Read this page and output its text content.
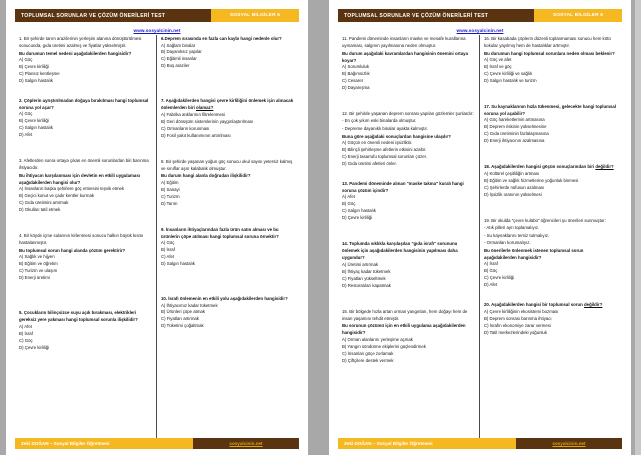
TOPLUMSAL SORUNLAR VE ÇÖZÜM ÖNERİLERİ TEST	SOSYAL BİLGİLER 6
www.sosyalcinin.net

1. Bir şehirde tarım arazilerinin yerleşim alanına dönüştürülmesi sonucunda, gıda üretimi azalmış ve fiyatlar yükselmiştir.

Bu durumun temel nedeni aşağıdakilerden hangisidir?

A) Göç

B) Çevre kirliliği

C) Plansız kentleşme

D) Salgın hastalık

2. Çöplerin ayrıştırılmadan doğaya bırakılması hangi toplumsal soruna yol açar?

A) Göç

B) Çevre kirliliği

C) Salgın hastalık

D) Afet

3. Afetlerden sonra ortaya çıkan en önemli sorunlardan biri barınma ihtiyacıdır.

Bu ihtiyacın karşılanması için devletin en etkili uygulaması aşağıdakilerden hangisi olur?

A) İnsanların başka şehirlere göç etmesini teşvik etmek

B) Geçici konut ve çadır kentler kurmak

C) Gıda üretimini artırmak

D) Okulları tatil etmek

4. Bir köyde içme sularının kirlenmesi sonucu halkın büyük kısmı hastalanmıştır.

Bu toplumsal sorun hangi alanda çözüm gerektirir?

A) Sağlık ve hijyen

B) Eğitim ve öğretim

C) Turizm ve ulaşım

D) Enerji üretimi

5. Çocukların bilinçsizce suyu açık bırakması, elektrikleri gereksiz yere yakması hangi toplumsal sorunla ilişkilidir?

A) Afet

B) İsraf

C) Göç

D) Çevre kirliliği

6.Deprem sırasında en fazla can kaybı hangi nedenle olur?

A) Sağlam binalar

B) Dayanıksız yapılar

C) Eğitimli insanlar

D) Boş araziler

7. Aşağıdakilerden hangisi çevre kirliliğini önlemek için alınacak önlemlerden biri olamaz?

A) Fabrika atıklarının filtrelenmesi

B) Geri dönüşüm sistemlerinin yaygınlaştırılması

C) Ormanların korunması

D) Fosil yakıt kullanımının artırılması

8. Bir şehirde yaşanan yoğun göç sonucu okul sayısı yetersiz kalmış ve sınıflar aşırı kalabalık olmuştur.

Bu durum hangi alanla doğrudan ilişkilidir?

A) Eğitim

B) Sanayi

C) Turizm

D) Tarım

9. İnsanların ihtiyaçlarından fazla ürün satın alması ve bu ürünlerin çöpe atılması hangi toplumsal soruna örnektir?

A) Göç

B) İsraf

C) Afet

D) Salgın hastalık

10. İsrafı önlemenin en etkili yolu aşağıdakilerden hangisidir?

A) İhtiyacımız kadar tüketmek

B) Ürünleri çöpe atmak

C) Fiyatları artırmak

D) Tüketimi çoğaltmak

Zeki DOĞAN – Sosyal Bilgiler Öğretmeni	sosyalcinin.net
TOPLUMSAL SORUNLAR VE ÇÖZÜM ÖNERİLERİ TEST	SOSYAL BİLGİLER 6
www.sosyalcinin.net

11. Pandemi döneminde insanların maske ve mesafe kurallarına uymaması, salgının yayılmasına neden olmuştur.

Bu durum aşağıdaki kavramlardan hangisinin önemini ortaya koyar?

A) Sorumluluk

B) Bağımsızlık

C) Cesaret

D) Dayanışma

12. Bir şehirde yaşanan deprem sonrası yapılan gözlemler şunlardır:

- En çok yıkım eski binalarda olmuştur.

- Depreme dayanıklı binalar ayakta kalmıştır.

Buna göre aşağıdaki sonuçlardan hangisine ulaşılır?

A) Göçün en önemli nedeni işsizliktir.

B) Bilinçli şehirleşme afetlerin etkisini azaltır.

C) Enerji tasarrufu toplumsal sorunları çözer.

D) Gıda üretimi afetleri önler.

13. Pandemi döneminde alınan "maske takma" kuralı hangi soruna çözüm içindir?

A) Afet

B) Göç

C) Salgın hastalık

D) Çevre kirliliği

14. Toplumda sıklıkla karşılaşılan "gıda israfı" sorununu önlemek için aşağıdakilerden hangisinin yapılması daha uygundur?

A) Üretimi artırmak

B) İhtiyaç kadar tüketmek

C) Fiyatları yükseltmek

D) Restoranları kapatmak

15. Bir bölgede hızla artan orman yangınları, hem doğayı hem de insan yaşamını tehdit etmiştir.

Bu sorunun çözümü için en etkili uygulama aşağıdakilerden hangisidir?

A) Orman alanlarını yerleşime açmak

B) Yangın söndürme ekiplerini güçlendirmek

C) İnsanları göçe zorlamak

D) Çiftçilere destek vermek

16. Bir kasabada çöplerin düzenli toplanmaması sonucu hem kötü kokular yayılmış hem de hastalıklar artmıştır.

Bu durumun hangi toplumsal sorunlara neden olması beklenir?

A) Göç ve afet

B) İsraf ve göç

C) Çevre kirliliği ve sağlık

D) Salgın hastalık ve turizm

17. Su kaynaklarının hızla tükenmesi, gelecekte hangi toplumsal soruna yol açabilir?

A) Göç hareketlerinin artmasına

B) Deprem riskinin yükselmesine

C) Gıda üretiminin fazlalaşmasına

D) Enerji ihtiyacının azalmasına

18. Aşağıdakilerden hangisi göçün sonuçlarından biri değildir?

A) Kültürel çeşitliliğin artması

B) Eğitim ve sağlık hizmetlerine yoğunluk binmesi

C) Şehirlerde nüfusun azalması

D) İşsizlik oranının yükselmesi

19. Bir okulda "çevre kulübü" öğrencileri şu önerileri sunmuştur:

- Atık pilleri ayrı toplamalıyız.

- Su kaynaklarını temiz tutmalıyız.

- Ormanları korumalıyız.

Bu önerilerle önlenmek istenen toplumsal sorun aşağıdakilerden hangisidir?

A) İsraf

B) Göç

C) Çevre kirliliği

D) Afet

20. Aşağıdakilerden hangisi bir toplumsal sorun değildir?

A) Çevre kirliliğinin ekosistemi bozması

B) Deprem sonrası barınma ihtiyacı

C) İsrafın ekonomiye zarar vermesi

D) Tatil merkezlerindeki yoğunluk

Zeki DOĞAN – Sosyal Bilgiler Öğretmeni	sosyalcinin.net
